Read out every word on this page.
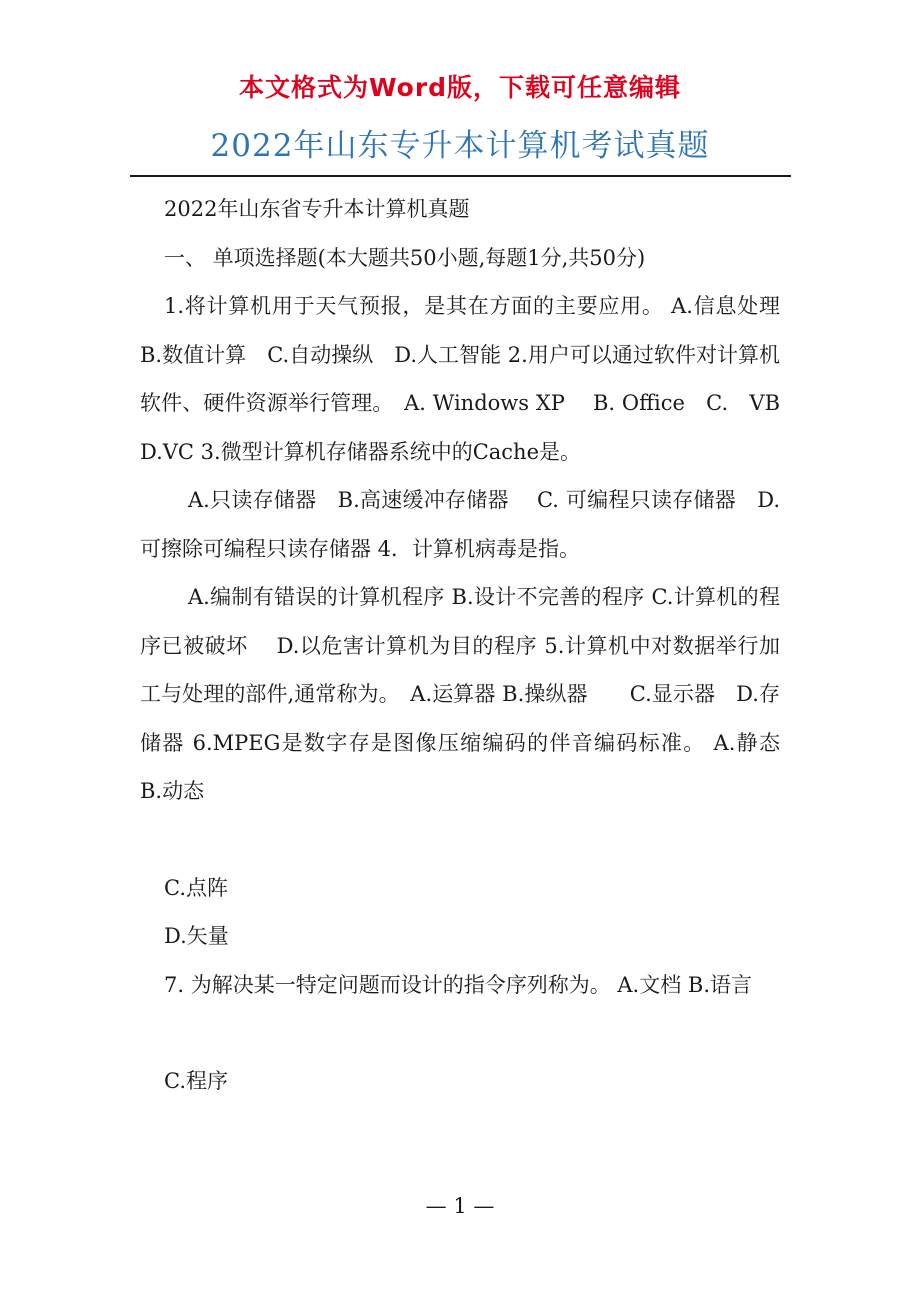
本文格式为Word版，下载可任意编辑
2022年山东专升本计算机考试真题

2022年山东省专升本计算机真题

一、 单项选择题(本大题共50小题,每题1分,共50分)

1.将计算机用于天气预报，是其在方面的主要应用。 A.信息处理　B.数值计算　C.自动操纵　D.人工智能 2.用户可以通过软件对计算机软件、硬件资源举行管理。　A. Windows XP　 B. Office　C.　VB　 D.VC 3.微型计算机存储器系统中的Cache是。

A.只读存储器　B.高速缓冲存储器　 C. 可编程只读存储器　D.可擦除可编程只读存储器 4．计算机病毒是指。

A.编制有错误的计算机程序 B.设计不完善的程序 C.计算机的程序已被破坏　 D.以危害计算机为目的程序 5.计算机中对数据举行加工与处理的部件,通常称为。　A.运算器 B.操纵器　　C.显示器　D.存储器 6.MPEG是数字存是图像压缩编码的伴音编码标准。 A.静态　　 B.动态

C.点阵

D.矢量

7. 为解决某一特定问题而设计的指令序列称为。 A.文档 B.语言

C.程序

— 1 —
